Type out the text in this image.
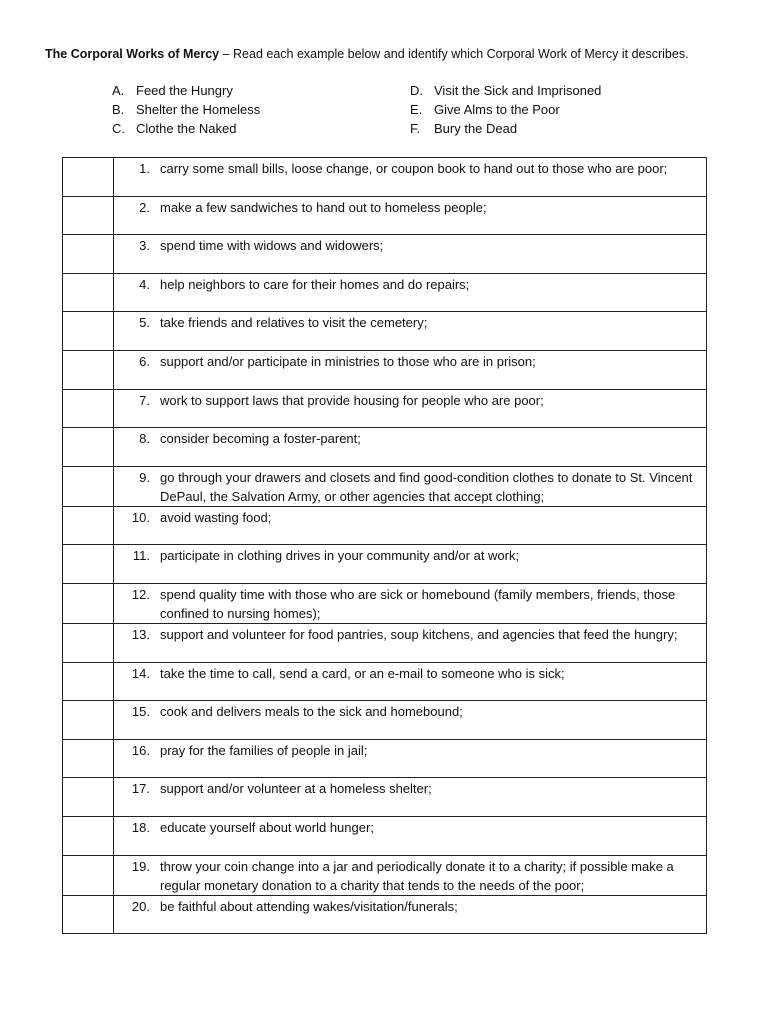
The Corporal Works of Mercy – Read each example below and identify which Corporal Work of Mercy it describes.
A. Feed the Hungry
B. Shelter the Homeless
C. Clothe the Naked
D. Visit the Sick and Imprisoned
E. Give Alms to the Poor
F. Bury the Dead

	1. carry some small bills, loose change, or coupon book to hand out to those who are poor;

	2. make a few sandwiches to hand out to homeless people;

	3. spend time with widows and widowers;

	4. help neighbors to care for their homes and do repairs;

	5. take friends and relatives to visit the cemetery;

	6. support and/or participate in ministries to those who are in prison;

	7. work to support laws that provide housing for people who are poor;

	8. consider becoming a foster-parent;

	9. go through your drawers and closets and find good-condition clothes to donate to St. Vincent DePaul, the Salvation Army, or other agencies that accept clothing;

	10. avoid wasting food;

	11. participate in clothing drives in your community and/or at work;

	12. spend quality time with those who are sick or homebound (family members, friends, those confined to nursing homes);

	13. support and volunteer for food pantries, soup kitchens, and agencies that feed the hungry;

	14. take the time to call, send a card, or an e-mail to someone who is sick;

	15. cook and delivers meals to the sick and homebound;

	16. pray for the families of people in jail;

	17. support and/or volunteer at a homeless shelter;

	18. educate yourself about world hunger;

	19. throw your coin change into a jar and periodically donate it to a charity; if possible make a regular monetary donation to a charity that tends to the needs of the poor;

	20. be faithful about attending wakes/visitation/funerals;
